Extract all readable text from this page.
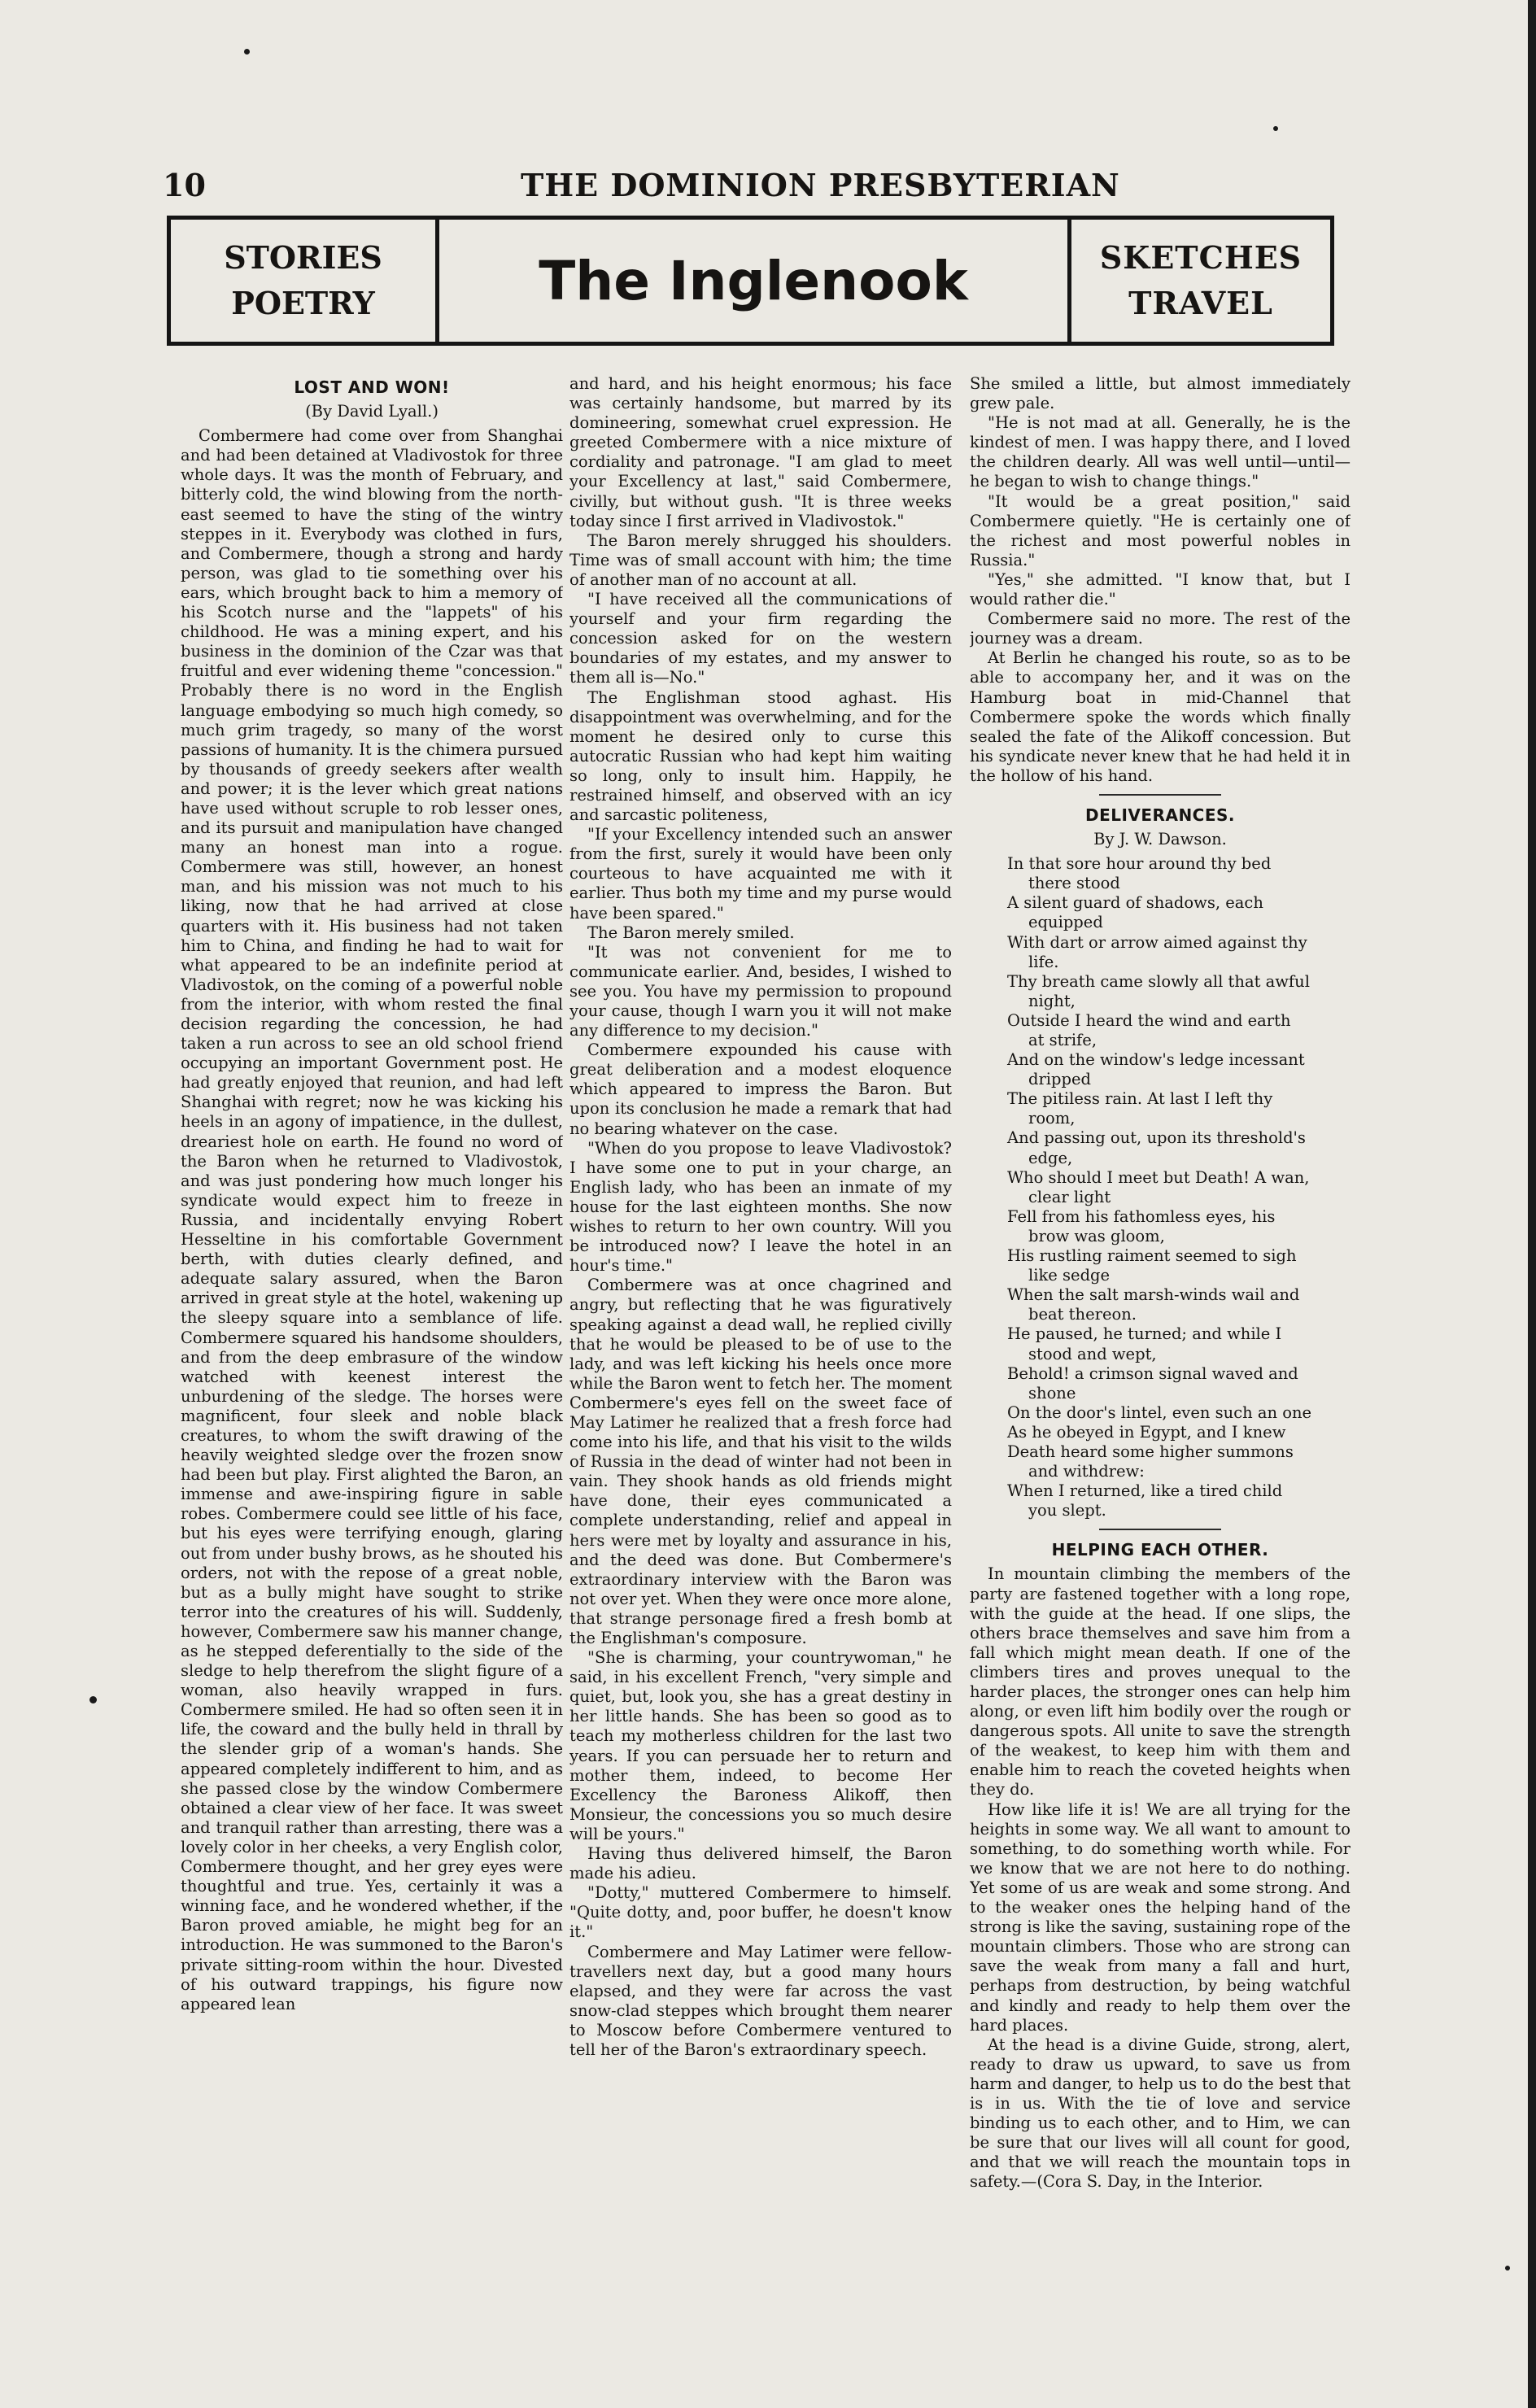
10	THE DOMINION PRESBYTERIAN
STORIES
POETRY	The Inglenook	SKETCHES
TRAVEL
LOST AND WON!
(By David Lyall.)

Combermere had come over from Shanghai and had been detained at Vladivostok for three whole days. It was the month of February, and bitterly cold, the wind blowing from the north-east seemed to have the sting of the wintry steppes in it. Everybody was clothed in furs, and Combermere, though a strong and hardy person, was glad to tie something over his ears, which brought back to him a memory of his Scotch nurse and the "lappets" of his childhood. He was a mining expert, and his business in the dominion of the Czar was that fruitful and ever widening theme "concession." Probably there is no word in the English language embodying so much high comedy, so much grim tragedy, so many of the worst passions of humanity. It is the chimera pursued by thousands of greedy seekers after wealth and power; it is the lever which great nations have used without scruple to rob lesser ones, and its pursuit and manipulation have changed many an honest man into a rogue. Combermere was still, however, an honest man, and his mission was not much to his liking, now that he had arrived at close quarters with it. His business had not taken him to China, and finding he had to wait for what appeared to be an indefinite period at Vladivostok, on the coming of a powerful noble from the interior, with whom rested the final decision regarding the concession, he had taken a run across to see an old school friend occupying an important Government post. He had greatly enjoyed that reunion, and had left Shanghai with regret; now he was kicking his heels in an agony of impatience, in the dullest, dreariest hole on earth. He found no word of the Baron when he returned to Vladivostok, and was just pondering how much longer his syndicate would expect him to freeze in Russia, and incidentally envying Robert Hesseltine in his comfortable Government berth, with duties clearly defined, and adequate salary assured, when the Baron arrived in great style at the hotel, wakening up the sleepy square into a semblance of life. Combermere squared his handsome shoulders, and from the deep embrasure of the window watched with keenest interest the unburdening of the sledge. The horses were magnificent, four sleek and noble black creatures, to whom the swift drawing of the heavily weighted sledge over the frozen snow had been but play. First alighted the Baron, an immense and awe-inspiring figure in sable robes. Combermere could see little of his face, but his eyes were terrifying enough, glaring out from under bushy brows, as he shouted his orders, not with the repose of a great noble, but as a bully might have sought to strike terror into the creatures of his will. Suddenly, however, Combermere saw his manner change, as he stepped deferentially to the side of the sledge to help therefrom the slight figure of a woman, also heavily wrapped in furs. Combermere smiled. He had so often seen it in life, the coward and the bully held in thrall by the slender grip of a woman's hands. She appeared completely indifferent to him, and as she passed close by the window Combermere obtained a clear view of her face. It was sweet and tranquil rather than arresting, there was a lovely color in her cheeks, a very English color, Combermere thought, and her grey eyes were thoughtful and true. Yes, certainly it was a winning face, and he wondered whether, if the Baron proved amiable, he might beg for an introduction. He was summoned to the Baron's private sitting-room within the hour. Divested of his outward trappings, his figure now appeared lean

and hard, and his height enormous; his face was certainly handsome, but marred by its domineering, somewhat cruel expression. He greeted Combermere with a nice mixture of cordiality and patronage. "I am glad to meet your Excellency at last," said Combermere, civilly, but without gush. "It is three weeks today since I first arrived in Vladivostok."

The Baron merely shrugged his shoulders. Time was of small account with him; the time of another man of no account at all.

"I have received all the communications of yourself and your firm regarding the concession asked for on the western boundaries of my estates, and my answer to them all is—No."

The Englishman stood aghast. His disappointment was overwhelming, and for the moment he desired only to curse this autocratic Russian who had kept him waiting so long, only to insult him. Happily, he restrained himself, and observed with an icy and sarcastic politeness,

"If your Excellency intended such an answer from the first, surely it would have been only courteous to have acquainted me with it earlier. Thus both my time and my purse would have been spared."

The Baron merely smiled.

"It was not convenient for me to communicate earlier. And, besides, I wished to see you. You have my permission to propound your cause, though I warn you it will not make any difference to my decision."

Combermere expounded his cause with great deliberation and a modest eloquence which appeared to impress the Baron. But upon its conclusion he made a remark that had no bearing whatever on the case.

"When do you propose to leave Vladivostok? I have some one to put in your charge, an English lady, who has been an inmate of my house for the last eighteen months. She now wishes to return to her own country. Will you be introduced now? I leave the hotel in an hour's time."

Combermere was at once chagrined and angry, but reflecting that he was figuratively speaking against a dead wall, he replied civilly that he would be pleased to be of use to the lady, and was left kicking his heels once more while the Baron went to fetch her. The moment Combermere's eyes fell on the sweet face of May Latimer he realized that a fresh force had come into his life, and that his visit to the wilds of Russia in the dead of winter had not been in vain. They shook hands as old friends might have done, their eyes communicated a complete understanding, relief and appeal in hers were met by loyalty and assurance in his, and the deed was done. But Combermere's extraordinary interview with the Baron was not over yet. When they were once more alone, that strange personage fired a fresh bomb at the Englishman's composure.

"She is charming, your countrywoman," he said, in his excellent French, "very simple and quiet, but, look you, she has a great destiny in her little hands. She has been so good as to teach my motherless children for the last two years. If you can persuade her to return and mother them, indeed, to become Her Excellency the Baroness Alikoff, then Monsieur, the concessions you so much desire will be yours."

Having thus delivered himself, the Baron made his adieu.

"Dotty," muttered Combermere to himself. "Quite dotty, and, poor buffer, he doesn't know it."

Combermere and May Latimer were fellow-travellers next day, but a good many hours elapsed, and they were far across the vast snow-clad steppes which brought them nearer to Moscow before Combermere ventured to tell her of the Baron's extraordinary speech.

She smiled a little, but almost immediately grew pale.

"He is not mad at all. Generally, he is the kindest of men. I was happy there, and I loved the children dearly. All was well until—until—he began to wish to change things."

"It would be a great position," said Combermere quietly. "He is certainly one of the richest and most powerful nobles in Russia."

"Yes," she admitted. "I know that, but I would rather die."

Combermere said no more. The rest of the journey was a dream.

At Berlin he changed his route, so as to be able to accompany her, and it was on the Hamburg boat in mid-Channel that Combermere spoke the words which finally sealed the fate of the Alikoff concession. But his syndicate never knew that he had held it in the hollow of his hand.

DELIVERANCES.
By J. W. Dawson.

In that sore hour around thy bed
there stood

A silent guard of shadows, each
equipped

With dart or arrow aimed against thy
life.

Thy breath came slowly all that awful
night,

Outside I heard the wind and earth
at strife,

And on the window's ledge incessant
dripped

The pitiless rain. At last I left thy
room,

And passing out, upon its threshold's
edge,

Who should I meet but Death! A wan,
clear light

Fell from his fathomless eyes, his
brow was gloom,

His rustling raiment seemed to sigh
like sedge

When the salt marsh-winds wail and
beat thereon.

He paused, he turned; and while I
stood and wept,

Behold! a crimson signal waved and
shone

On the door's lintel, even such an one

As he obeyed in Egypt, and I knew

Death heard some higher summons
and withdrew:

When I returned, like a tired child
you slept.

HELPING EACH OTHER.

In mountain climbing the members of the party are fastened together with a long rope, with the guide at the head. If one slips, the others brace themselves and save him from a fall which might mean death. If one of the climbers tires and proves unequal to the harder places, the stronger ones can help him along, or even lift him bodily over the rough or dangerous spots. All unite to save the strength of the weakest, to keep him with them and enable him to reach the coveted heights when they do.

How like life it is! We are all trying for the heights in some way. We all want to amount to something, to do something worth while. For we know that we are not here to do nothing. Yet some of us are weak and some strong. And to the weaker ones the helping hand of the strong is like the saving, sustaining rope of the mountain climbers. Those who are strong can save the weak from many a fall and hurt, perhaps from destruction, by being watchful and kindly and ready to help them over the hard places.

At the head is a divine Guide, strong, alert, ready to draw us upward, to save us from harm and danger, to help us to do the best that is in us. With the tie of love and service binding us to each other, and to Him, we can be sure that our lives will all count for good, and that we will reach the mountain tops in safety.—(Cora S. Day, in the Interior.
